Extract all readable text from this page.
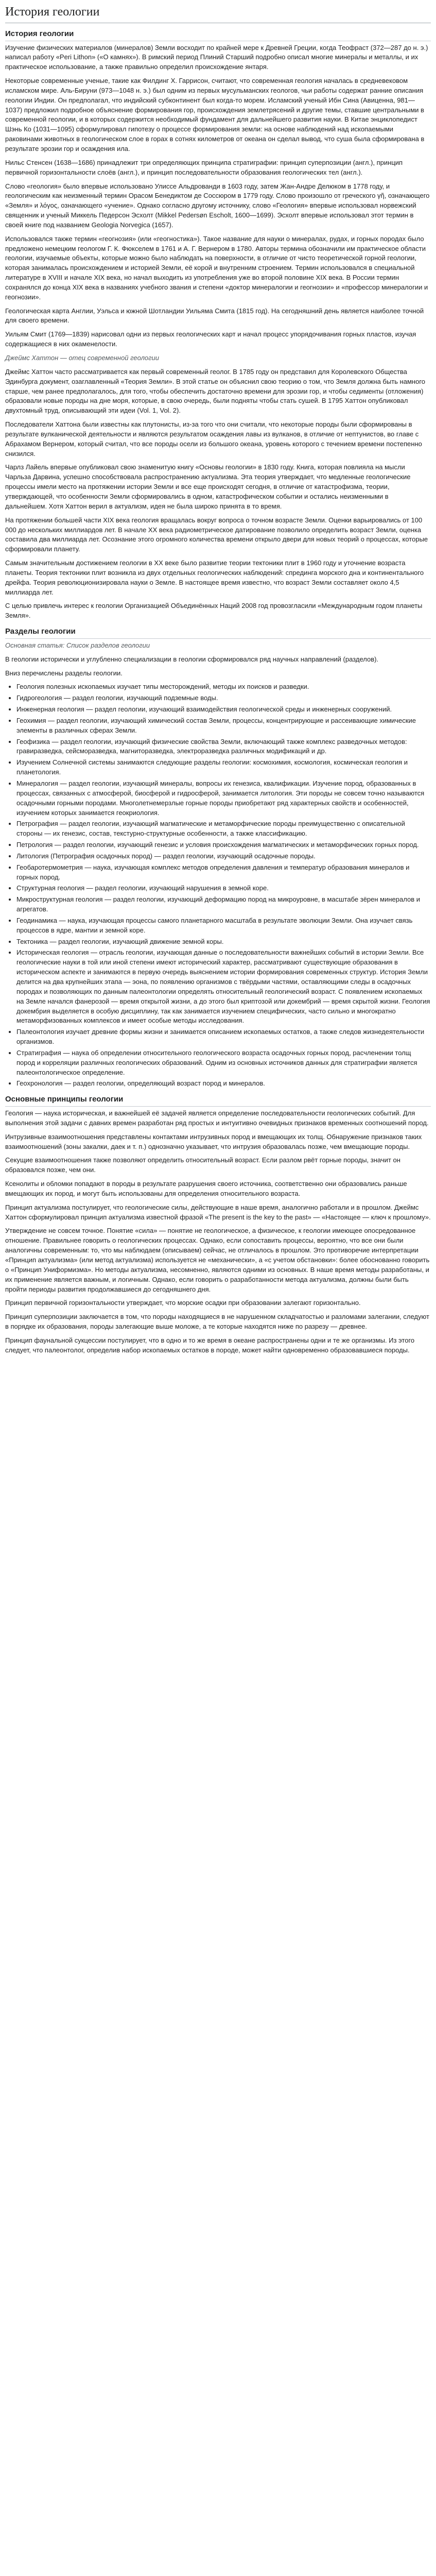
История геологии
История геологии

Изучение физических материалов (минералов) Земли восходит по крайней мере к Древней Греции, когда Теофраст (372—287 до н. э.) написал работу «Peri Lithon» («О камнях»). В римский период Плиний Старший подробно описал многие минералы и металлы, и их практическое использование, а также правильно определил происхождение янтаря.

Некоторые современные ученые, такие как Филдинг Х. Гаррисон, считают, что современная геология началась в средневековом исламском мире. Аль-Бируни (973—1048 н. э.) был одним из первых мусульманских геологов, чьи работы содержат ранние описания геологии Индии. Он предполагал, что индийский субконтинент был когда-то морем. Исламский ученый Ибн Сина (Авиценна, 981—1037) предложил подробное объяснение формирования гор, происхождения землетрясений и другие темы, ставшие центральными в современной геологии, и в которых содержится необходимый фундамент для дальнейшего развития науки. В Китае энциклопедист Шэнь Ко (1031—1095) сформулировал гипотезу о процессе формирования земли: на основе наблюдений над ископаемыми раковинами животных в геологическом слое в горах в сотнях километров от океана он сделал вывод, что суша была сформирована в результате эрозии гор и осаждения ила.

Нильс Стенсен (1638—1686) принадлежит три определяющих принципа стратиграфии: принцип суперпозиции (англ.), принцип первичной горизонтальности слоёв (англ.), и принцип последовательности образования геологических тел (англ.).

Слово «геология» было впервые использовано Улиссе Альдрованди в 1603 году, затем Жан-Андре Делюком в 1778 году, и геологическим как неизменный термин Орасом Бенедиктом де Соссюром в 1779 году. Слово произошло от греческого γῆ, означающего «Земля» и λόγος, означающего «учение». Однако согласно другому источнику, слово «Геология» впервые использовал норвежский священник и ученый Миккель Педерсон Эсхолт (Mikkel Pedersøn Escholt, 1600—1699). Эсхолт впервые использовал этот термин в своей книге под названием Geologia Norvegica (1657).

Использовался также термин «геогнозия» (или «геогностика»). Такое название для науки о минералах, рудах, и горных породах было предложено немецким геологом Г. К. Фюкселем в 1761 и А. Г. Вернером в 1780. Авторы термина обозначили им практическое области геологии, изучаемые объекты, которые можно было наблюдать на поверхности, в отличие от чисто теоретической горной геологии, которая занималась происхождением и историей Земли, её корой и внутренним строением. Термин использовался в специальной литературе в XVIII и начале XIX века, но начал выходить из употребления уже во второй половине XIX века. В России термин сохранялся до конца XIX века в названиях учебного звания и степени «доктор минералогии и геогнозии» и «профессор минералогии и геогнозии».

Геологическая карта Англии, Уэльса и южной Шотландии Уильяма Смита (1815 год). На сегодняшний день является наиболее точной для своего времени.

Уильям Смит (1769—1839) нарисовал одни из первых геологических карт и начал процесс упорядочивания горных пластов, изучая содержащиеся в них окаменелости.

Джеймс Хаттон — отец современной геологии

Джеймс Хаттон часто рассматривается как первый современный геолог. В 1785 году он представил для Королевского Общества Эдинбурга документ, озаглавленный «Теория Земли». В этой статье он объяснил свою теорию о том, что Земля должна быть намного старше, чем ранее предполагалось, для того, чтобы обеспечить достаточно времени для эрозии гор, и чтобы седименты (отложения) образовали новые породы на дне моря, которые, в свою очередь, были подняты чтобы стать сушей. В 1795 Хаттон опубликовал двухтомный труд, описывающий эти идеи (Vol. 1, Vol. 2).

Последователи Хаттона были известны как плутонисты, из-за того что они считали, что некоторые породы были сформированы в результате вулканической деятельности и являются результатом осаждения лавы из вулканов, в отличие от нептунистов, во главе с Абрахамом Вернером, который считал, что все породы осели из большого океана, уровень которого с течением времени постепенно снизился.

Чарлз Лайель впервые опубликовал свою знаменитую книгу «Основы геологии» в 1830 году. Книга, которая повлияла на мысли Чарльза Дарвина, успешно способствовала распространению актуализма. Эта теория утверждает, что медленные геологические процессы имели место на протяжении истории Земли и все еще происходят сегодня, в отличие от катастрофизма, теории, утверждающей, что особенности Земли сформировались в одном, катастрофическом событии и остались неизменными в дальнейшем. Хотя Хаттон верил в актуализм, идея не была широко принята в то время.

На протяжении большей части XIX века геология вращалась вокруг вопроса о точном возрасте Земли. Оценки варьировались от 100 000 до нескольких миллиардов лет. В начале XX века радиометрическое датирование позволило определить возраст Земли, оценка составила два миллиарда лет. Осознание этого огромного количества времени открыло двери для новых теорий о процессах, которые сформировали планету.

Самым значительным достижением геологии в XX веке было развитие теории тектоники плит в 1960 году и уточнение возраста планеты. Теория тектоники плит возникла из двух отдельных геологических наблюдений: спрединга морского дна и континентального дрейфа. Теория революционизировала науки о Земле. В настоящее время известно, что возраст Земли составляет около 4,5 миллиарда лет.

С целью привлечь интерес к геологии Организацией Объединённых Наций 2008 год провозгласили «Международным годом планеты Земля».

Разделы геологии

Основная статья: Список разделов геологии

В геологии исторически и углубленно специализации в геологии сформировался ряд научных направлений (разделов).

Вниз перечислены разделы геологии.

• Геология полезных ископаемых изучает типы месторождений, методы их поисков и разведки.
• Гидрогеология — раздел геологии, изучающий подземные воды.
• Инженерная геология — раздел геологии, изучающий взаимодействия геологической среды и инженерных сооружений.
• Геохимия — раздел геологии, изучающий химический состав Земли, процессы, концентрирующие и рассеивающие химические элементы в различных сферах Земли.
• Геофизика — раздел геологии, изучающий физические свойства Земли, включающий также комплекс разведочных методов: гравиразведка, сейсморазведка, магниторазведка, электроразведка различных модификаций и др.
• Изучением Солнечной системы занимаются следующие разделы геологии: космохимия, космология, космическая геология и планетология.
• Минералогия — раздел геологии, изучающий минералы, вопросы их генезиса, квалификации. Изучение пород, образованных в процессах, связанных с атмосферой, биосферой и гидросферой, занимается литология. Эти породы не совсем точно называются осадочными горными породами. Многолетнемерзлые горные породы приобретают ряд характерных свойств и особенностей, изучением которых занимается геокриология.
• Петрография — раздел геологии, изучающий магматические и метаморфические породы преимущественно с описательной стороны — их генезис, состав, текстурно-структурные особенности, а также классификацию.
• Петрология — раздел геологии, изучающий генезис и условия происхождения магматических и метаморфических горных пород.
• Литология (Петрография осадочных пород) — раздел геологии, изучающий осадочные породы.
• Геобаротермометрия — наука, изучающая комплекс методов определения давления и температур образования минералов и горных пород.
• Структурная геология — раздел геологии, изучающий нарушения в земной коре.
• Микроструктурная геология — раздел геологии, изучающий деформацию пород на микроуровне, в масштабе зёрен минералов и агрегатов.
• Геодинамика — наука, изучающая процессы самого планетарного масштаба в результате эволюции Земли. Она изучает связь процессов в ядре, мантии и земной коре.
• Тектоника — раздел геологии, изучающий движение земной коры.
• Историческая геология — отрасль геологии, изучающая данные о последовательности важнейших событий в истории Земли. Все геологические науки в той или иной степени имеют исторический характер, рассматривают существующие образования в историческом аспекте и занимаются в первую очередь выяснением истории формирования современных структур. История Земли делится на два крупнейших этапа — эона, по появлению организмов с твёрдыми частями, оставляющими следы в осадочных породах и позволяющих по данным палеонтологии определять относительный геологический возраст. С появлением ископаемых на Земле начался фанерозой — время открытой жизни, а до этого был криптозой или докембрий — время скрытой жизни. Геология докембрия выделяется в особую дисциплину, так как занимается изучением специфических, часто сильно и многократно метаморфизованных комплексов и имеет особые методы исследования.
• Палеонтология изучает древние формы жизни и занимается описанием ископаемых остатков, а также следов жизнедеятельности организмов.
• Стратиграфия — наука об определении относительного геологического возраста осадочных горных пород, расчленении толщ пород и корреляции различных геологических образований. Одним из основных источников данных для стратиграфии является палеонтологическое определение.
• Геохронология — раздел геологии, определяющий возраст пород и минералов.
Основные принципы геологии

Геология — наука историческая, и важнейшей её задачей является определение последовательности геологических событий. Для выполнения этой задачи с давних времен разработан ряд простых и интуитивно очевидных признаков временных соотношений пород.

Интрузивные взаимоотношения представлены контактами интрузивных пород и вмещающих их толщ. Обнаружение признаков таких взаимоотношений (зоны закалки, даек и т. п.) однозначно указывает, что интрузия образовалась позже, чем вмещающие породы.

Секущие взаимоотношения также позволяют определить относительный возраст. Если разлом рвёт горные породы, значит он образовался позже, чем они.

Ксенолиты и обломки попадают в породы в результате разрушения своего источника, соответственно они образовались раньше вмещающих их пород, и могут быть использованы для определения относительного возраста.

Принцип актуализма постулирует, что геологические силы, действующие в наше время, аналогично работали и в прошлом. Джеймс Хаттон сформулировал принцип актуализма известной фразой «The present is the key to the past» — «Настоящее — ключ к прошлому».

Утверждение не совсем точное. Понятие «сила» — понятие не геологическое, а физическое, к геологии имеющее опосредованное отношение. Правильнее говорить о геологических процессах. Однако, если сопоставить процессы, вероятно, что все они были аналогичны современным: то, что мы наблюдаем (описываем) сейчас, не отличалось в прошлом. Это противоречие интерпретации «Принцип актуализма» (или метод актуализма) используется не «механически», а «с учетом обстановки»: более обоснованно говорить о «Принцип Униформизма». Но методы актуализма, несомненно, являются одними из основных. В наше время методы разработаны, и их применение является важным, и логичным. Однако, если говорить о разработанности метода актуализма, должны были быть пройти периоды развития продолжавшиеся до сегодняшнего дня.

Принцип первичной горизонтальности утверждает, что морские осадки при образовании залегают горизонтально.

Принцип суперпозиции заключается в том, что породы находящиеся в не нарушенном складчатостью и разломами залегании, следуют в порядке их образования, породы залегающие выше моложе, а те которые находятся ниже по разрезу — древнее.

Принцип фаунальной сукцессии постулирует, что в одно и то же время в океане распространены одни и те же организмы. Из этого следует, что палеонтолог, определив набор ископаемых остатков в породе, может найти одновременно образовавшиеся породы.
